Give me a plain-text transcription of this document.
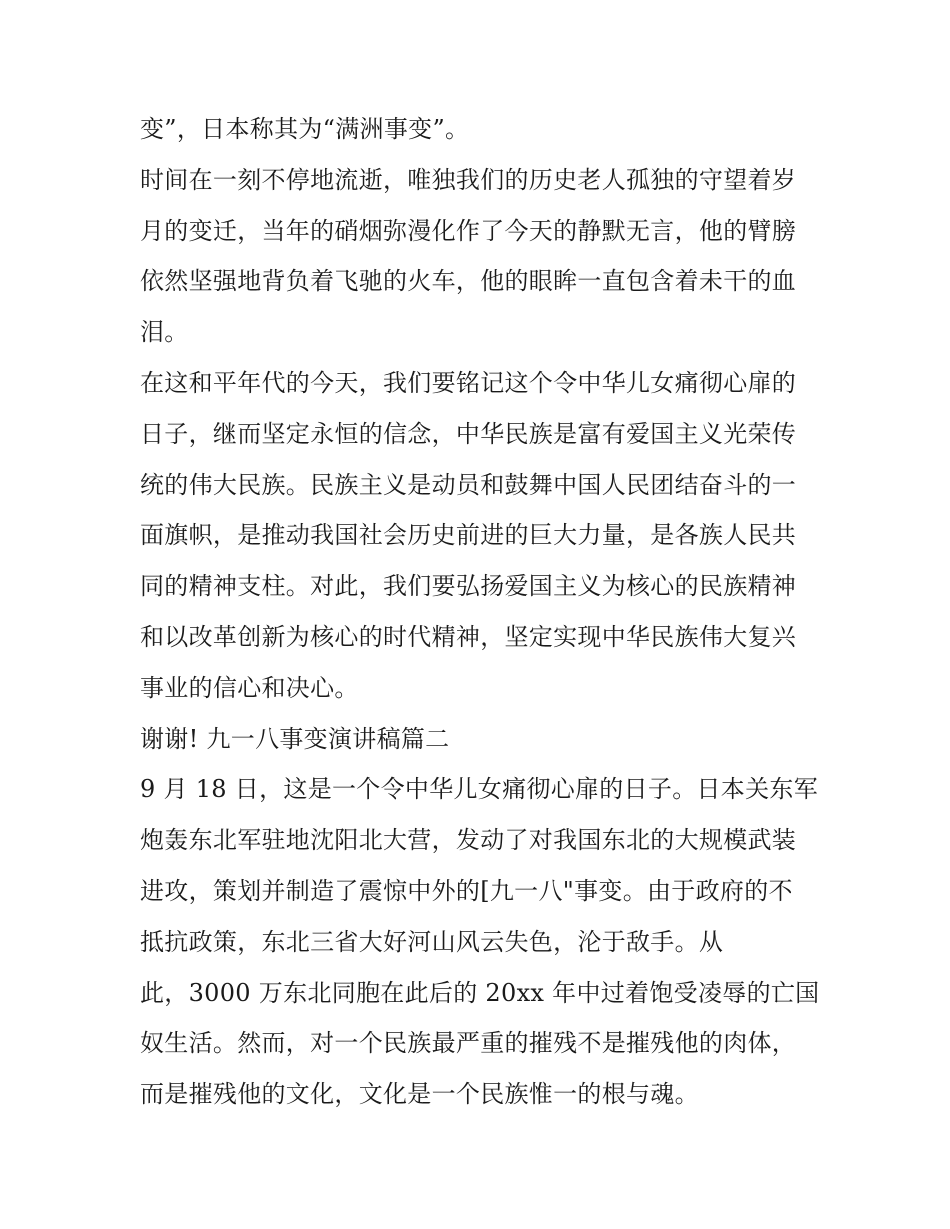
变”，日本称其为“满洲事变”。
时间在一刻不停地流逝，唯独我们的历史老人孤独的守望着岁
月的变迁，当年的硝烟弥漫化作了今天的静默无言，他的臂膀
依然坚强地背负着飞驰的火车，他的眼眸一直包含着未干的血
泪。
在这和平年代的今天，我们要铭记这个令中华儿女痛彻心扉的
日子，继而坚定永恒的信念，中华民族是富有爱国主义光荣传
统的伟大民族。民族主义是动员和鼓舞中国人民团结奋斗的一
面旗帜，是推动我国社会历史前进的巨大力量，是各族人民共
同的精神支柱。对此，我们要弘扬爱国主义为核心的民族精神
和以改革创新为核心的时代精神，坚定实现中华民族伟大复兴
事业的信心和决心。
谢谢! 九一八事变演讲稿篇二
9 月 18 日，这是一个令中华儿女痛彻心扉的日子。日本关东军
炮轰东北军驻地沈阳北大营，发动了对我国东北的大规模武装
进攻，策划并制造了震惊中外的[九一八"事变。由于政府的不
抵抗政策，东北三省大好河山风云失色，沦于敌手。从
此，3000 万东北同胞在此后的 20xx 年中过着饱受凌辱的亡国
奴生活。然而，对一个民族最严重的摧残不是摧残他的肉体，
而是摧残他的文化，文化是一个民族惟一的根与魂。
